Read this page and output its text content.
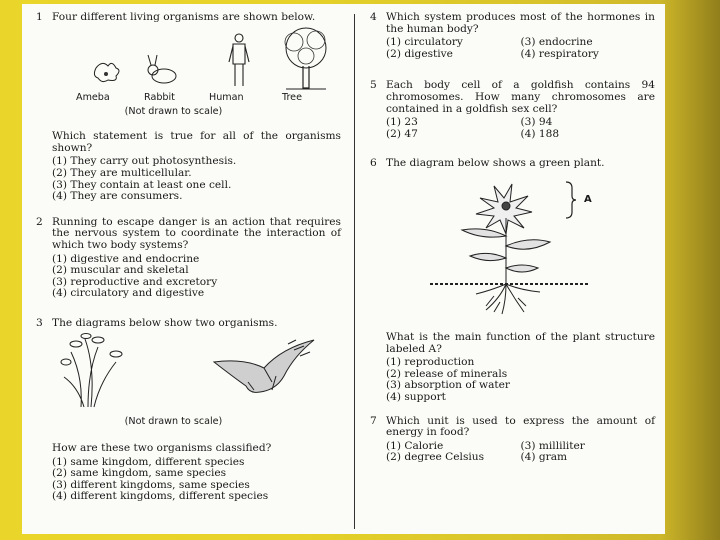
1 Four different living organisms are shown below.
Ameba	Rabbit	Human	Tree
(Not drawn to scale)
Which statement is true for all of the organisms shown?
(1) They carry out photosynthesis.
(2) They are multicellular.
(3) They contain at least one cell.
(4) They are consumers.
2 Running to escape danger is an action that requires the nervous system to coordinate the interaction of which two body systems?
(1) digestive and endocrine
(2) muscular and skeletal
(3) reproductive and excretory
(4) circulatory and digestive
3 The diagrams below show two organisms.
(Not drawn to scale)
How are these two organisms classified?
(1) same kingdom, different species
(2) same kingdom, same species
(3) different kingdoms, same species
(4) different kingdoms, different species
4 Which system produces most of the hormones in the human body?
(1) circulatory	(3) endocrine
(2) digestive	(4) respiratory
5 Each body cell of a goldfish contains 94 chromosomes. How many chromosomes are contained in a goldfish sex cell?
(1) 23	(3) 94
(2) 47	(4) 188
6 The diagram below shows a green plant.
A
What is the main function of the plant structure labeled A?
(1) reproduction
(2) release of minerals
(3) absorption of water
(4) support
7 Which unit is used to express the amount of energy in food?
(1) Calorie	(3) milliliter
(2) degree Celsius	(4) gram
